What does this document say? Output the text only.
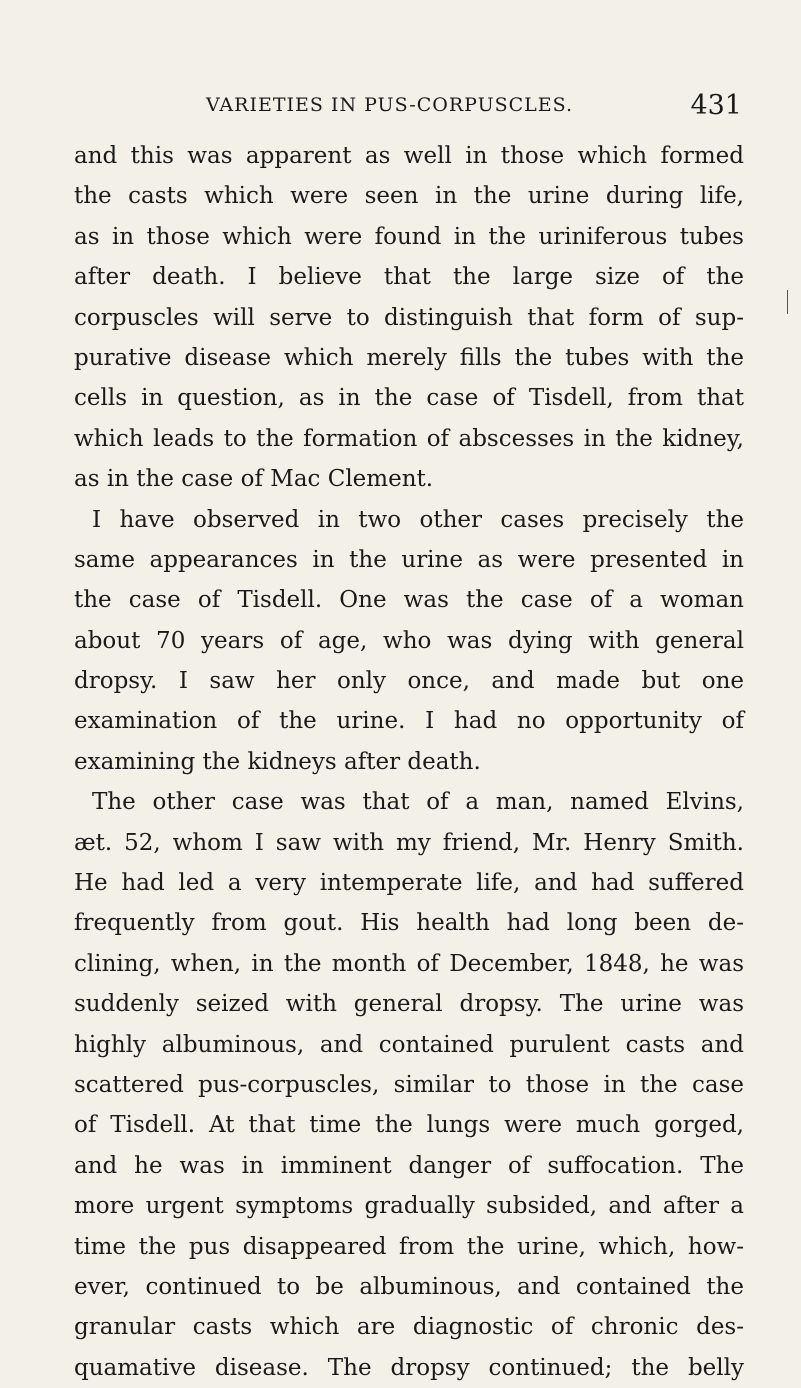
VARIETIES IN PUS-CORPUSCLES.	431
and this was apparent as well in those which formed
the casts which were seen in the urine during life,
as in those which were found in the uriniferous tubes
after death. I believe that the large size of the
corpuscles will serve to distinguish that form of sup-
purative disease which merely fills the tubes with the
cells in question, as in the case of Tisdell, from that
which leads to the formation of abscesses in the kidney,
as in the case of Mac Clement.
I have observed in two other cases precisely the
same appearances in the urine as were presented in
the case of Tisdell. One was the case of a woman
about 70 years of age, who was dying with general
dropsy. I saw her only once, and made but one
examination of the urine. I had no opportunity of
examining the kidneys after death.
The other case was that of a man, named Elvins,
æt. 52, whom I saw with my friend, Mr. Henry Smith.
He had led a very intemperate life, and had suffered
frequently from gout. His health had long been de-
clining, when, in the month of December, 1848, he was
suddenly seized with general dropsy. The urine was
highly albuminous, and contained purulent casts and
scattered pus-corpuscles, similar to those in the case
of Tisdell. At that time the lungs were much gorged,
and he was in imminent danger of suffocation. The
more urgent symptoms gradually subsided, and after a
time the pus disappeared from the urine, which, how-
ever, continued to be albuminous, and contained the
granular casts which are diagnostic of chronic des-
quamative disease. The dropsy continued; the belly
